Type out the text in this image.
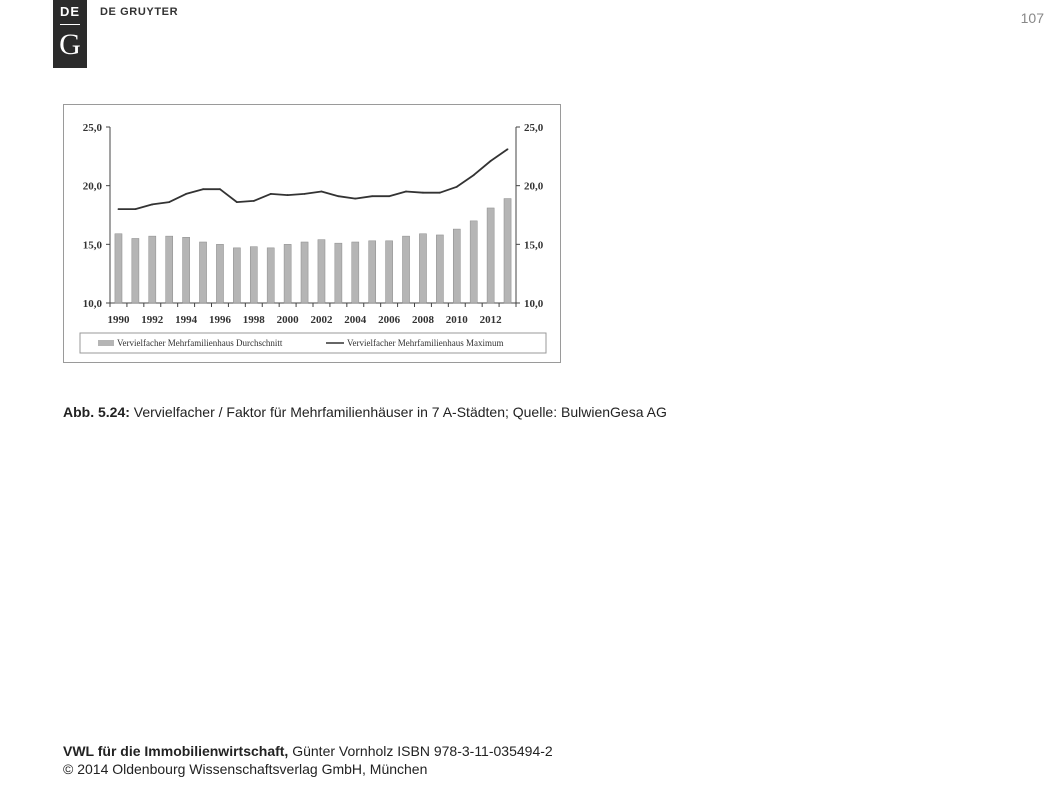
DE
G
DE GRUYTER	107
25,0	25,0
20,0	20,0
15,0	15,0
10,0	10,0
1990 1992 1994 1996 1998 2000 2002 2004 2006 2008 2010 2012
Vervielfacher Mehrfamilienhaus Durchschnitt	Vervielfacher Mehrfamilienhaus Maximum
Abb. 5.24: Vervielfacher / Faktor für Mehrfamilienhäuser in 7 A-Städten; Quelle: BulwienGesa AG
VWL für die Immobilienwirtschaft, Günter Vornholz ISBN 978-3-11-035494-2
© 2014 Oldenbourg Wissenschaftsverlag GmbH, München
